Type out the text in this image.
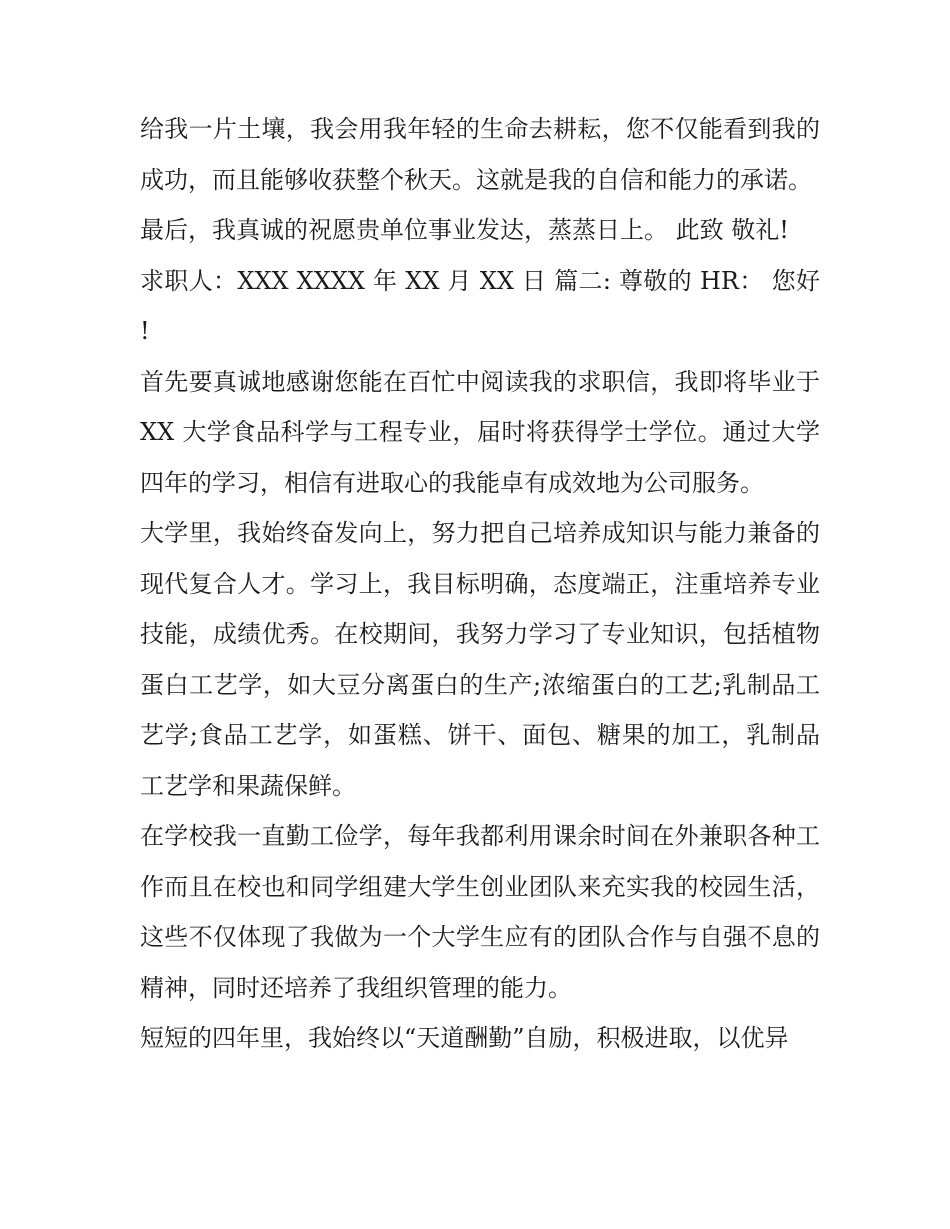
给我一片土壤，我会用我年轻的生命去耕耘，您不仅能看到我的成功，而且能够收获整个秋天。这就是我的自信和能力的承诺。

最后，我真诚的祝愿贵单位事业发达，蒸蒸日上。 此致 敬礼!

求职人：XXX XXXX 年 XX 月 XX 日 篇二: 尊敬的 HR： 您好!

首先要真诚地感谢您能在百忙中阅读我的求职信，我即将毕业于 XX 大学食品科学与工程专业，届时将获得学士学位。通过大学四年的学习，相信有进取心的我能卓有成效地为公司服务。

大学里，我始终奋发向上，努力把自己培养成知识与能力兼备的现代复合人才。学习上，我目标明确，态度端正，注重培养专业技能，成绩优秀。在校期间，我努力学习了专业知识，包括植物蛋白工艺学，如大豆分离蛋白的生产;浓缩蛋白的工艺;乳制品工艺学;食品工艺学，如蛋糕、饼干、面包、糖果的加工，乳制品工艺学和果蔬保鲜。

在学校我一直勤工俭学，每年我都利用课余时间在外兼职各种工作而且在校也和同学组建大学生创业团队来充实我的校园生活，这些不仅体现了我做为一个大学生应有的团队合作与自强不息的精神，同时还培养了我组织管理的能力。

短短的四年里，我始终以“天道酬勤”自励，积极进取，以优异
